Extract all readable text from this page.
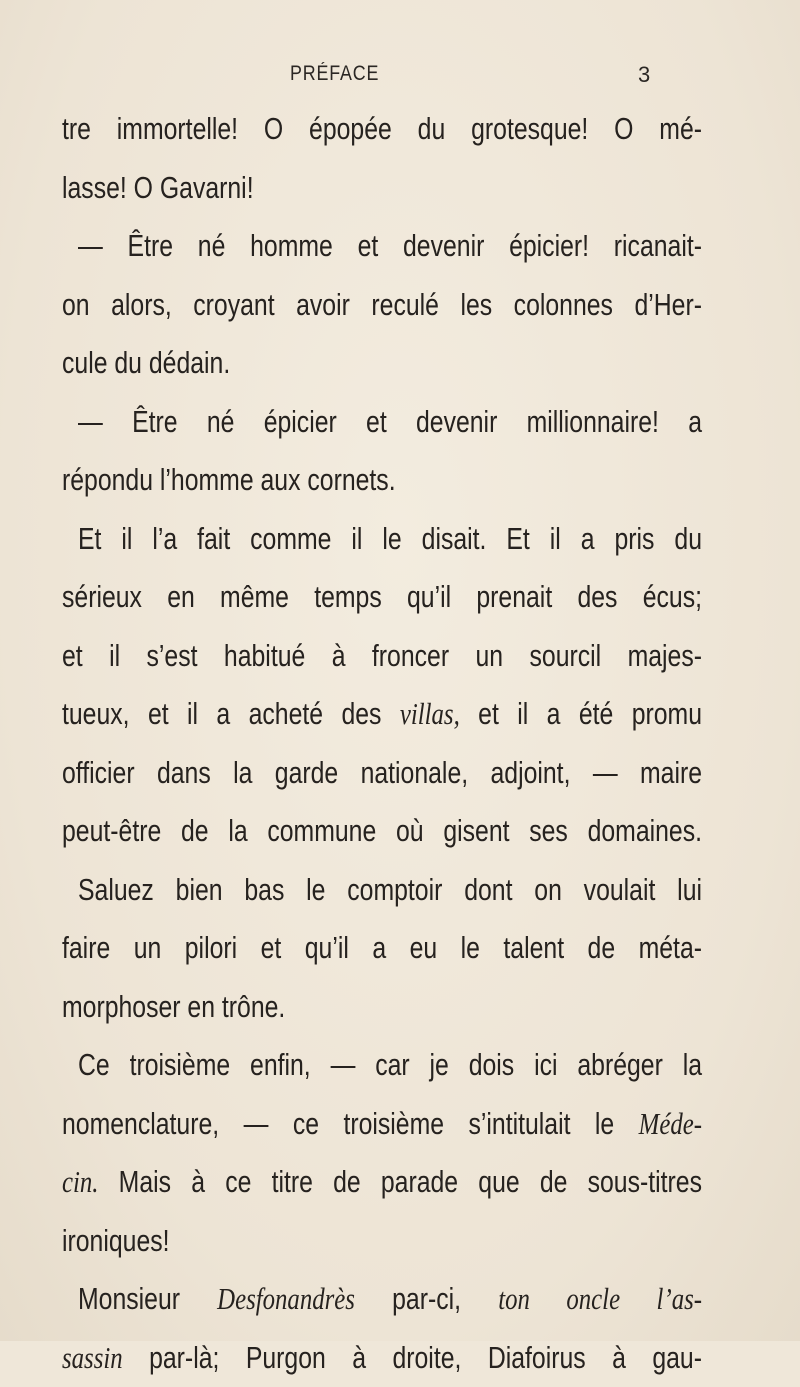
PRÉFACE	3
tre immortelle! O épopée du grotesque! O mé-
lasse! O Gavarni!
— Être né homme et devenir épicier! ricanait-
on alors, croyant avoir reculé les colonnes d’Her-
cule du dédain.
— Être né épicier et devenir millionnaire! a
répondu l’homme aux cornets.
Et il l’a fait comme il le disait. Et il a pris du
sérieux en même temps qu’il prenait des écus;
et il s’est habitué à froncer un sourcil majes-
tueux, et il a acheté des villas, et il a été promu
officier dans la garde nationale, adjoint, — maire
peut-être de la commune où gisent ses domaines.
Saluez bien bas le comptoir dont on voulait lui
faire un pilori et qu’il a eu le talent de méta-
morphoser en trône.
Ce troisième enfin, — car je dois ici abréger la
nomenclature, — ce troisième s’intitulait le Méde-
cin. Mais à ce titre de parade que de sous-titres
ironiques!
Monsieur Desfonandrès par-ci, ton oncle l’as-
sassin par-là; Purgon à droite, Diafoirus à gau-
